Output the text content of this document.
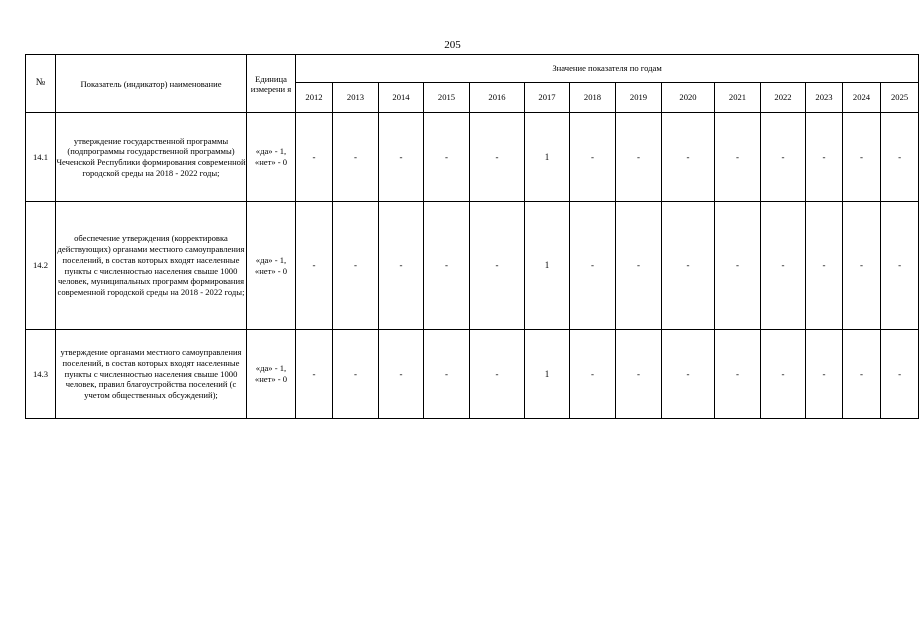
205
№	Показатель (индикатор) наименование	Единица измерени я	Значение показателя по годам													
			2012	2013	2014	2015	2016	2017	2018	2019	2020	2021	2022	2023	2024	2025
14.1	утверждение государственной программы (подпрограммы государственной программы) Чеченской Республики формирования современной городской среды на 2018 - 2022 годы;	«да» - 1, «нет» - 0	-	-	-	-	-	1	-	-	-	-	-	-	-	-
14.2	обеспечение утверждения (корректировка действующих) органами местного самоуправления поселений, в состав которых входят населенные пункты с численностью населения свыше 1000 человек, муниципальных программ формирования современной городской среды на 2018 - 2022 годы;	«да» - 1, «нет» - 0	-	-	-	-	-	1	-	-	-	-	-	-	-	-
14.3	утверждение органами местного самоуправления поселений, в состав которых входят населенные пункты с численностью населения свыше 1000 человек, правил благоустройства поселений (с учетом общественных обсуждений);	«да» - 1, «нет» - 0	-	-	-	-	-	1	-	-	-	-	-	-	-	-
